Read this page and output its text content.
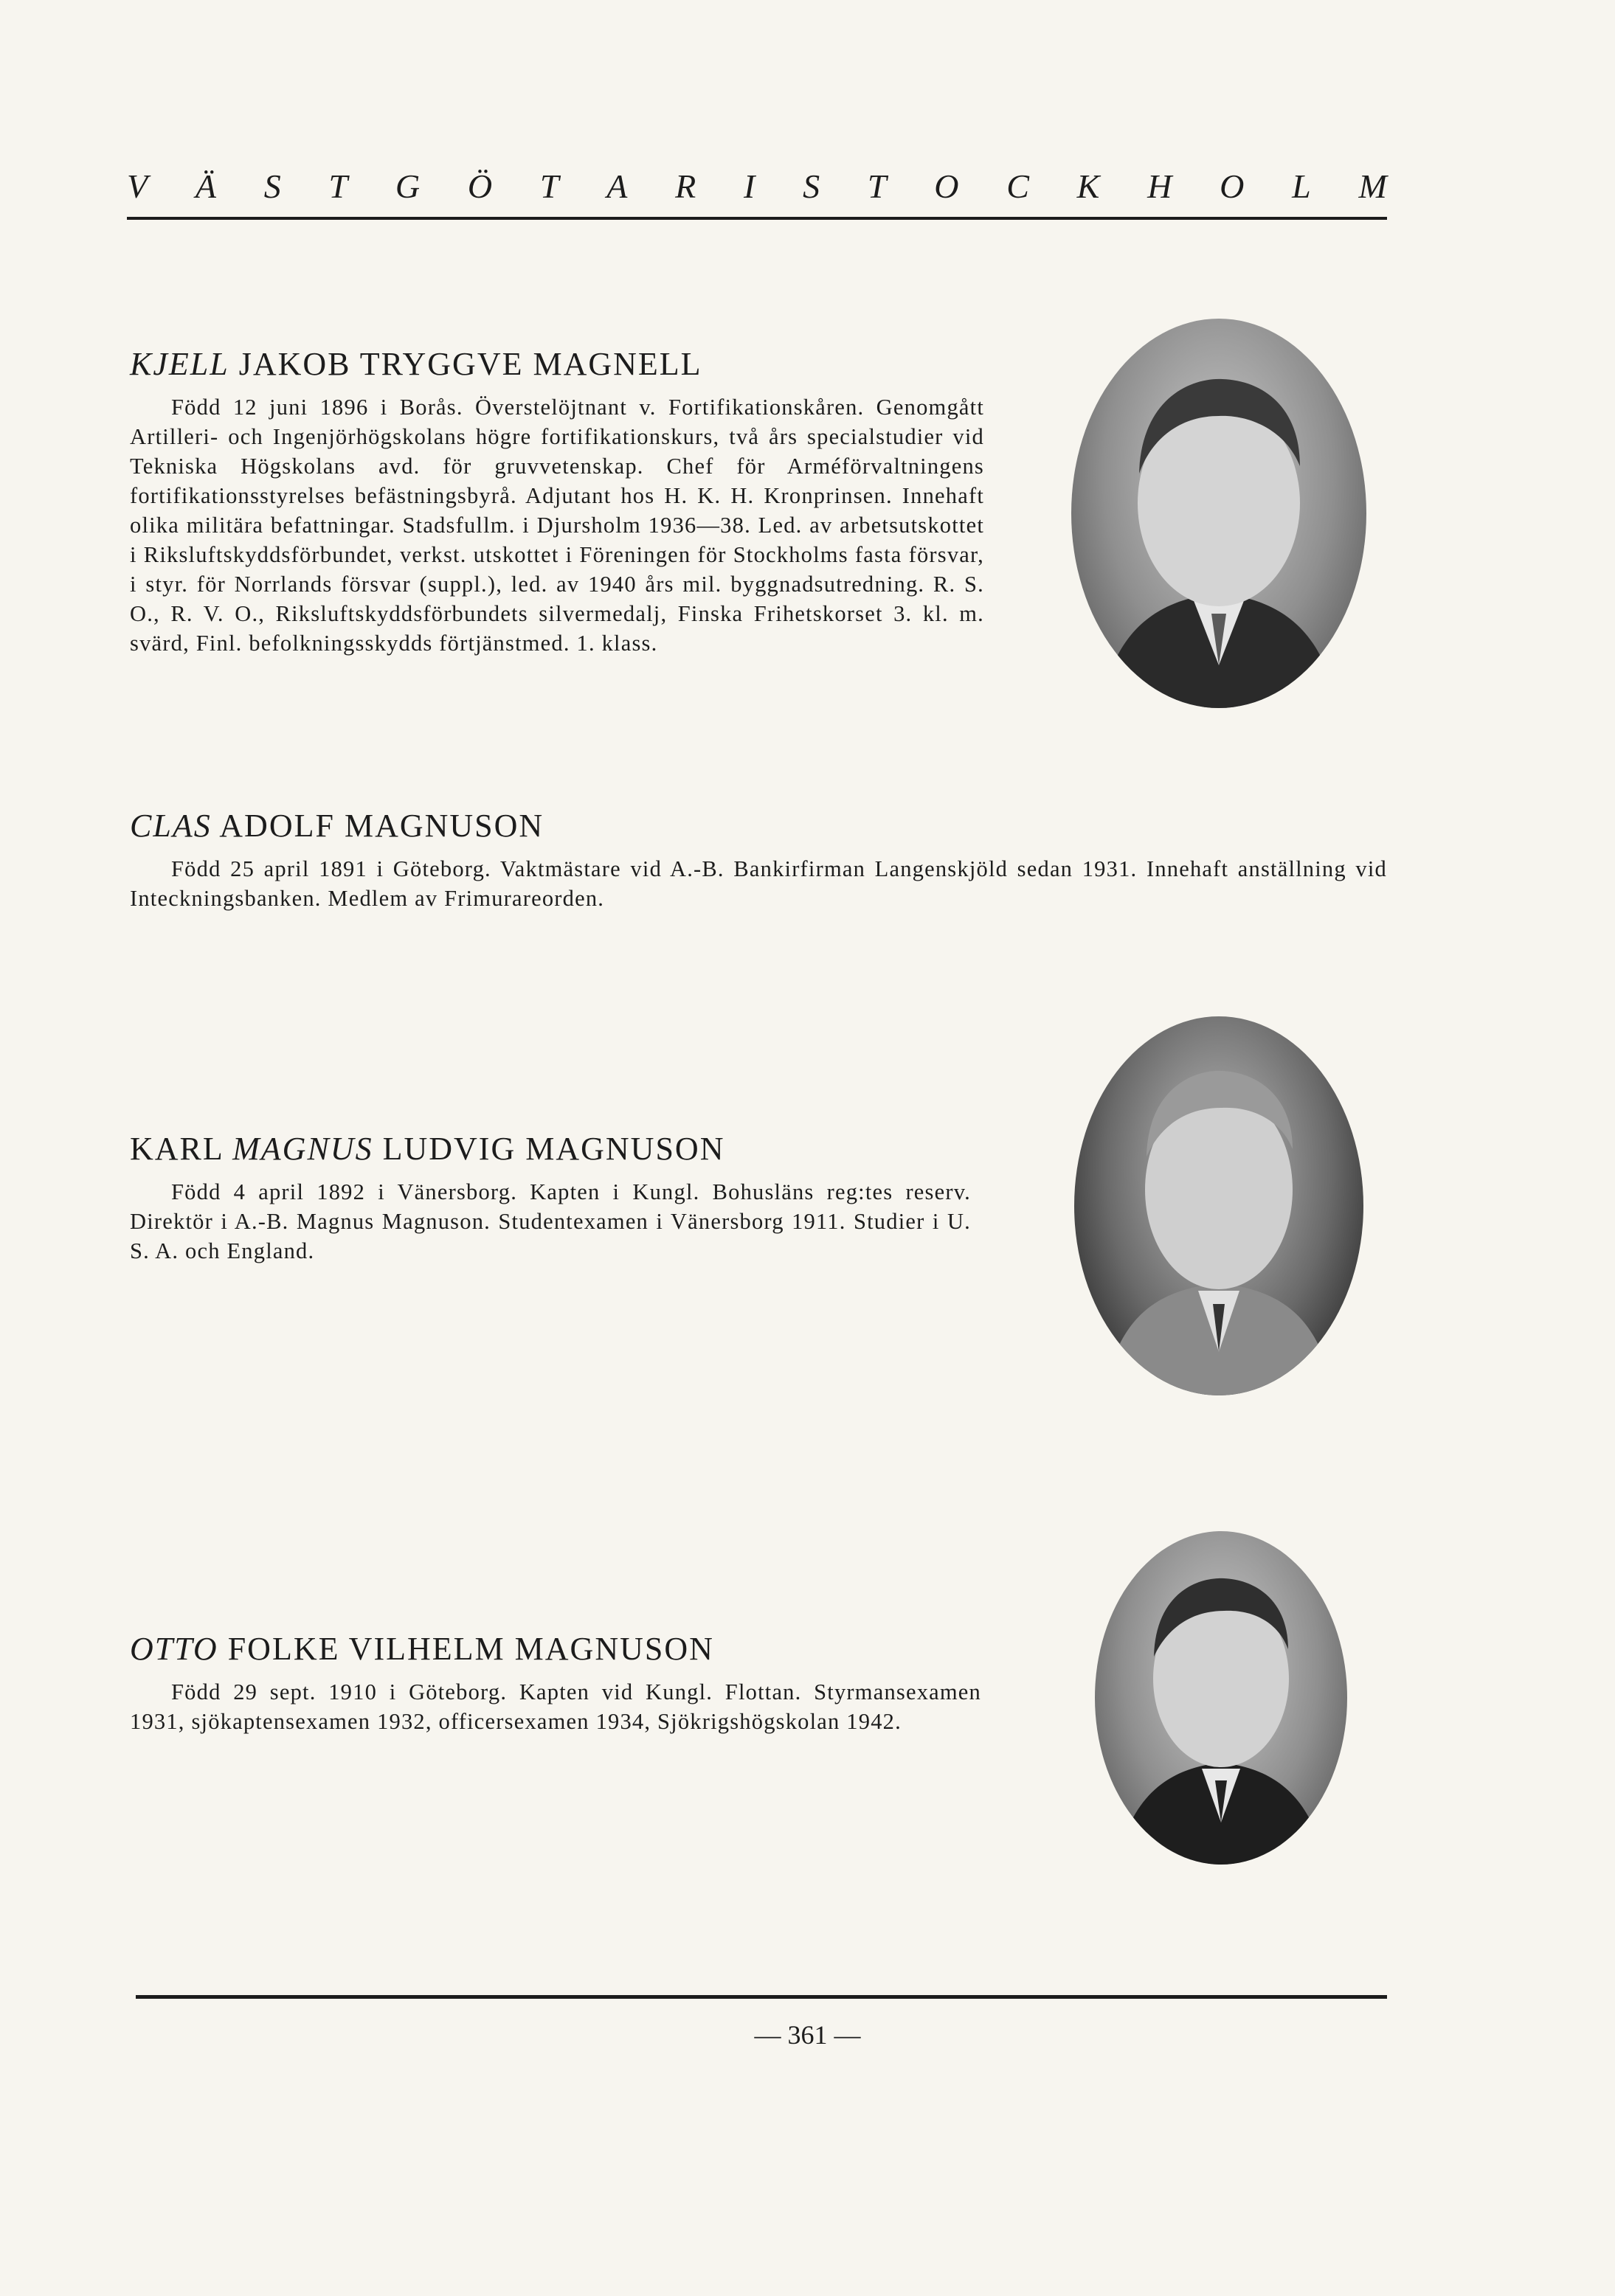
V Ä S T G Ö T A R I S T O C K H O L M
KJELL JAKOB TRYGGVE MAGNELL

Född 12 juni 1896 i Borås. Överstelöjtnant v. Fortifikationskåren. Genomgått Artilleri- och Ingenjörhögskolans högre fortifikationskurs, två års specialstudier vid Tekniska Högskolans avd. för gruvvetenskap. Chef för Arméförvaltningens fortifikationsstyrelses befästningsbyrå. Adjutant hos H. K. H. Kronprinsen. Innehaft olika militära befattningar. Stadsfullm. i Djursholm 1936—38. Led. av arbetsutskottet i Riksluftskyddsförbundet, verkst. utskottet i Föreningen för Stockholms fasta försvar, i styr. för Norrlands försvar (suppl.), led. av 1940 års mil. byggnadsutredning. R. S. O., R. V. O., Riksluftskyddsförbundets silvermedalj, Finska Frihetskorset 3. kl. m. svärd, Finl. befolkningsskydds förtjänstmed. 1. klass.

CLAS ADOLF MAGNUSON

Född 25 april 1891 i Göteborg. Vaktmästare vid A.-B. Bankirfirman Langenskjöld sedan 1931. Innehaft anställning vid Inteckningsbanken. Medlem av Frimurareorden.

KARL MAGNUS LUDVIG MAGNUSON

Född 4 april 1892 i Vänersborg. Kapten i Kungl. Bohusläns reg:tes reserv. Direktör i A.-B. Magnus Magnuson. Studentexamen i Vänersborg 1911. Studier i U. S. A. och England.

OTTO FOLKE VILHELM MAGNUSON

Född 29 sept. 1910 i Göteborg. Kapten vid Kungl. Flottan. Styrmansexamen 1931, sjökaptensexamen 1932, officersexamen 1934, Sjökrigshögskolan 1942.

— 361 —
